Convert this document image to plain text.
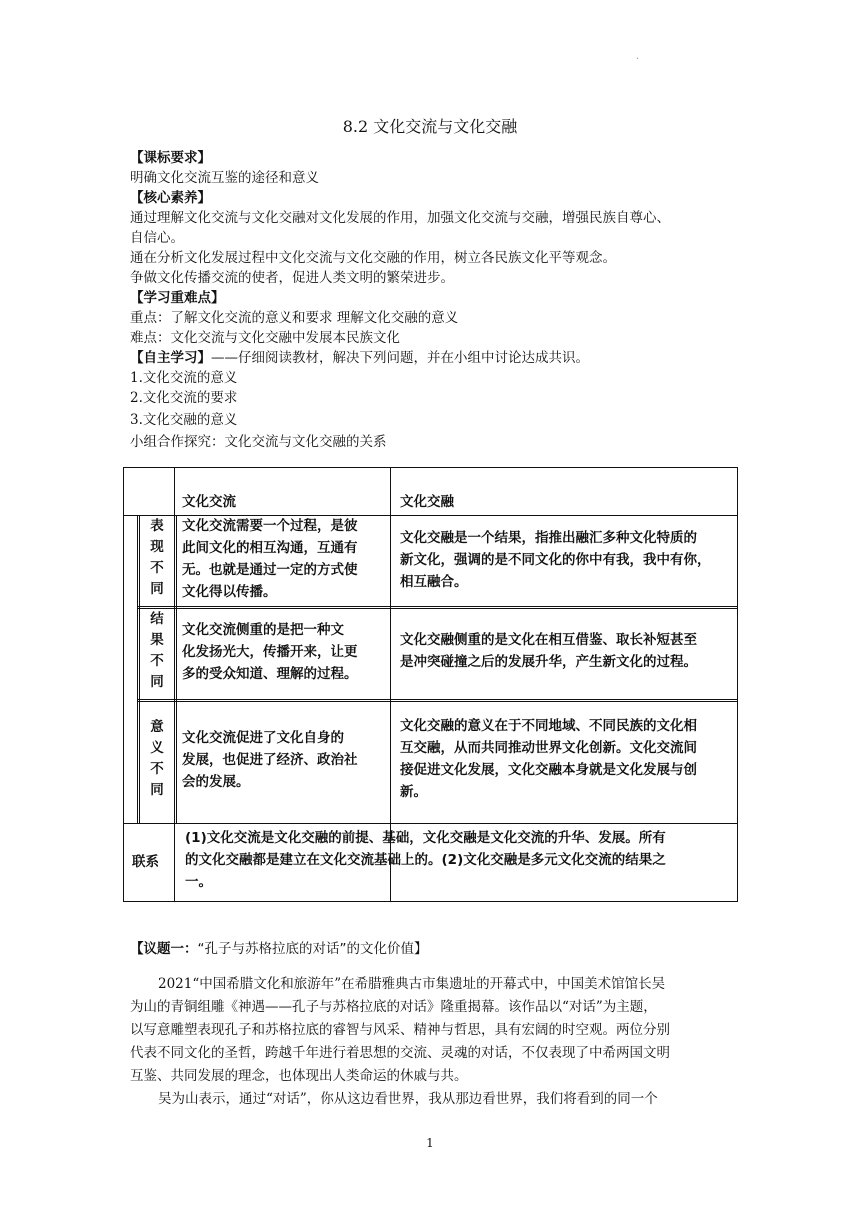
·
8.2 文化交流与文化交融
【课标要求】
明确文化交流互鉴的途径和意义
【核心素养】
通过理解文化交流与文化交融对文化发展的作用，加强文化交流与交融，增强民族自尊心、
自信心。
通在分析文化发展过程中文化交流与文化交融的作用，树立各民族文化平等观念。
争做文化传播交流的使者，促进人类文明的繁荣进步。
【学习重难点】
重点：了解文化交流的意义和要求 理解文化交融的意义
难点：文化交流与文化交融中发展本民族文化
【自主学习】——仔细阅读教材，解决下列问题，并在小组中讨论达成共识。
1.文化交流的意义
2.文化交流的要求
3.文化交融的意义
小组合作探究：文化交流与文化交融的关系
文化交流	文化交融
表
现
不
同
文化交流需要一个过程，是彼
此间文化的相互沟通，互通有
无。也就是通过一定的方式使
文化得以传播。
文化交融是一个结果，指推出融汇多种文化特质的
新文化，强调的是不同文化的你中有我，我中有你，
相互融合。
结
果
不
同
文化交流侧重的是把一种文
化发扬光大，传播开来，让更
多的受众知道、理解的过程。
文化交融侧重的是文化在相互借鉴、取长补短甚至
是冲突碰撞之后的发展升华，产生新文化的过程。
意
义
不
同
文化交流促进了文化自身的
发展，也促进了经济、政治社
会的发展。
文化交融的意义在于不同地域、不同民族的文化相
互交融，从而共同推动世界文化创新。文化交流间
接促进文化发展，文化交融本身就是文化发展与创
新。
联系
(1)文化交流是文化交融的前提、基础，文化交融是文化交流的升华、发展。所有
的文化交融都是建立在文化交流基础上的。(2)文化交融是多元文化交流的结果之
一。
【议题一：“孔子与苏格拉底的对话”的文化价值】
2021“中国希腊文化和旅游年”在希腊雅典古市集遗址的开幕式中，中国美术馆馆长吴
为山的青铜组雕《神遇——孔子与苏格拉底的对话》隆重揭幕。该作品以“对话”为主题，
以写意雕塑表现孔子和苏格拉底的睿智与风采、精神与哲思，具有宏阔的时空观。两位分别
代表不同文化的圣哲，跨越千年进行着思想的交流、灵魂的对话，不仅表现了中希两国文明
互鉴、共同发展的理念，也体现出人类命运的休戚与共。
吴为山表示，通过“对话”，你从这边看世界，我从那边看世界，我们将看到的同一个
1
